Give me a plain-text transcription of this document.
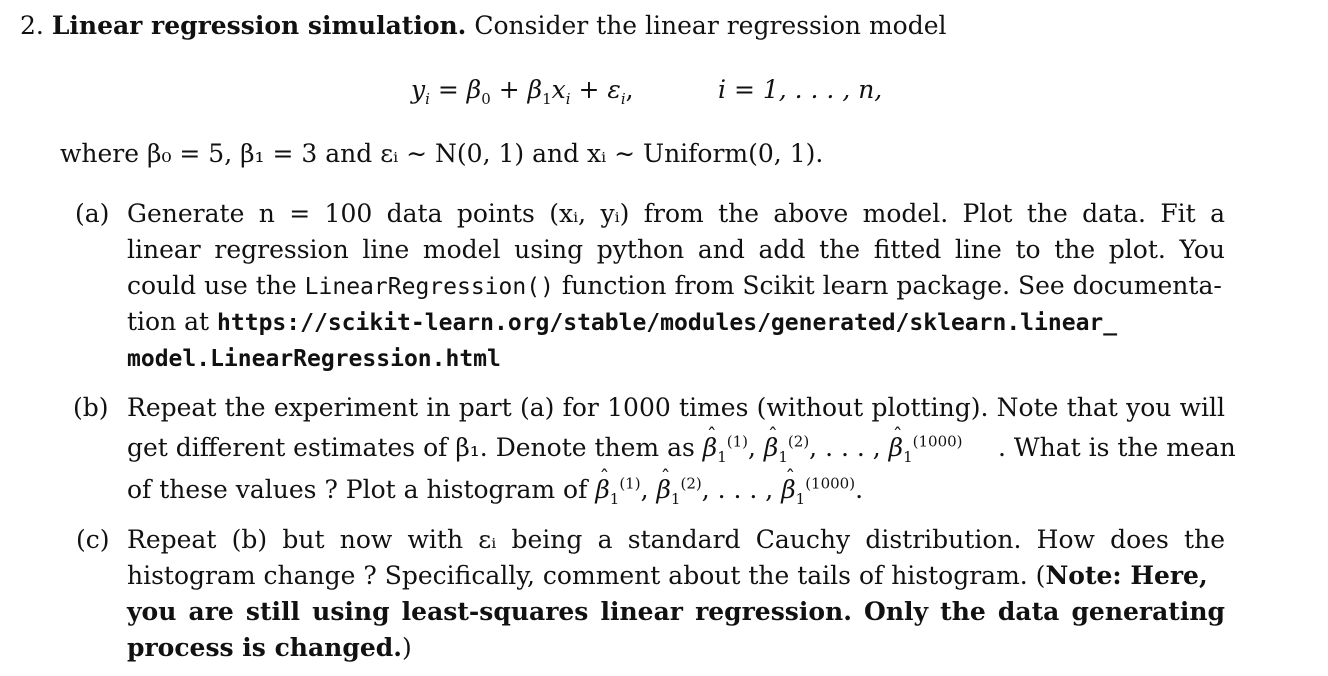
2. Linear regression simulation. Consider the linear regression model
$y_i = \beta_0 + \beta_1x_i + \varepsilon_i$,	i = 1, . . . , n,
where β₀ = 5, β₁ = 3 and εᵢ ∼ N(0, 1) and xᵢ ∼ Uniform(0, 1).
(a) Generate n = 100 data points (xᵢ, yᵢ) from the above model. Plot the data. Fit a
linear regression line model using python and add the fitted line to the plot. You
could use the LinearRegression() function from Scikit learn package. See documenta-
tion at https://scikit-learn.org/stable/modules/generated/sklearn.linear_
model.LinearRegression.html
(b) Repeat the experiment in part (a) for 1000 times (without plotting). Note that you will
get different estimates of β₁. Denote them as ˆ $\beta_1^{(1)}$, ˆ $\beta_1^{(2)}$, . . . , ˆ $\beta_1^{(1000)}$ . What is the mean
of these values ? Plot a histogram of ˆ $\beta_1^{(1)}$, ˆ $\beta_1^{(2)}$, . . . , ˆ $\beta_1^{(1000)}$.
(c) Repeat (b) but now with εᵢ being a standard Cauchy distribution. How does the
histogram change ? Specifically, comment about the tails of histogram. (Note: Here,
you are still using least-squares linear regression. Only the data generating
process is changed.)
